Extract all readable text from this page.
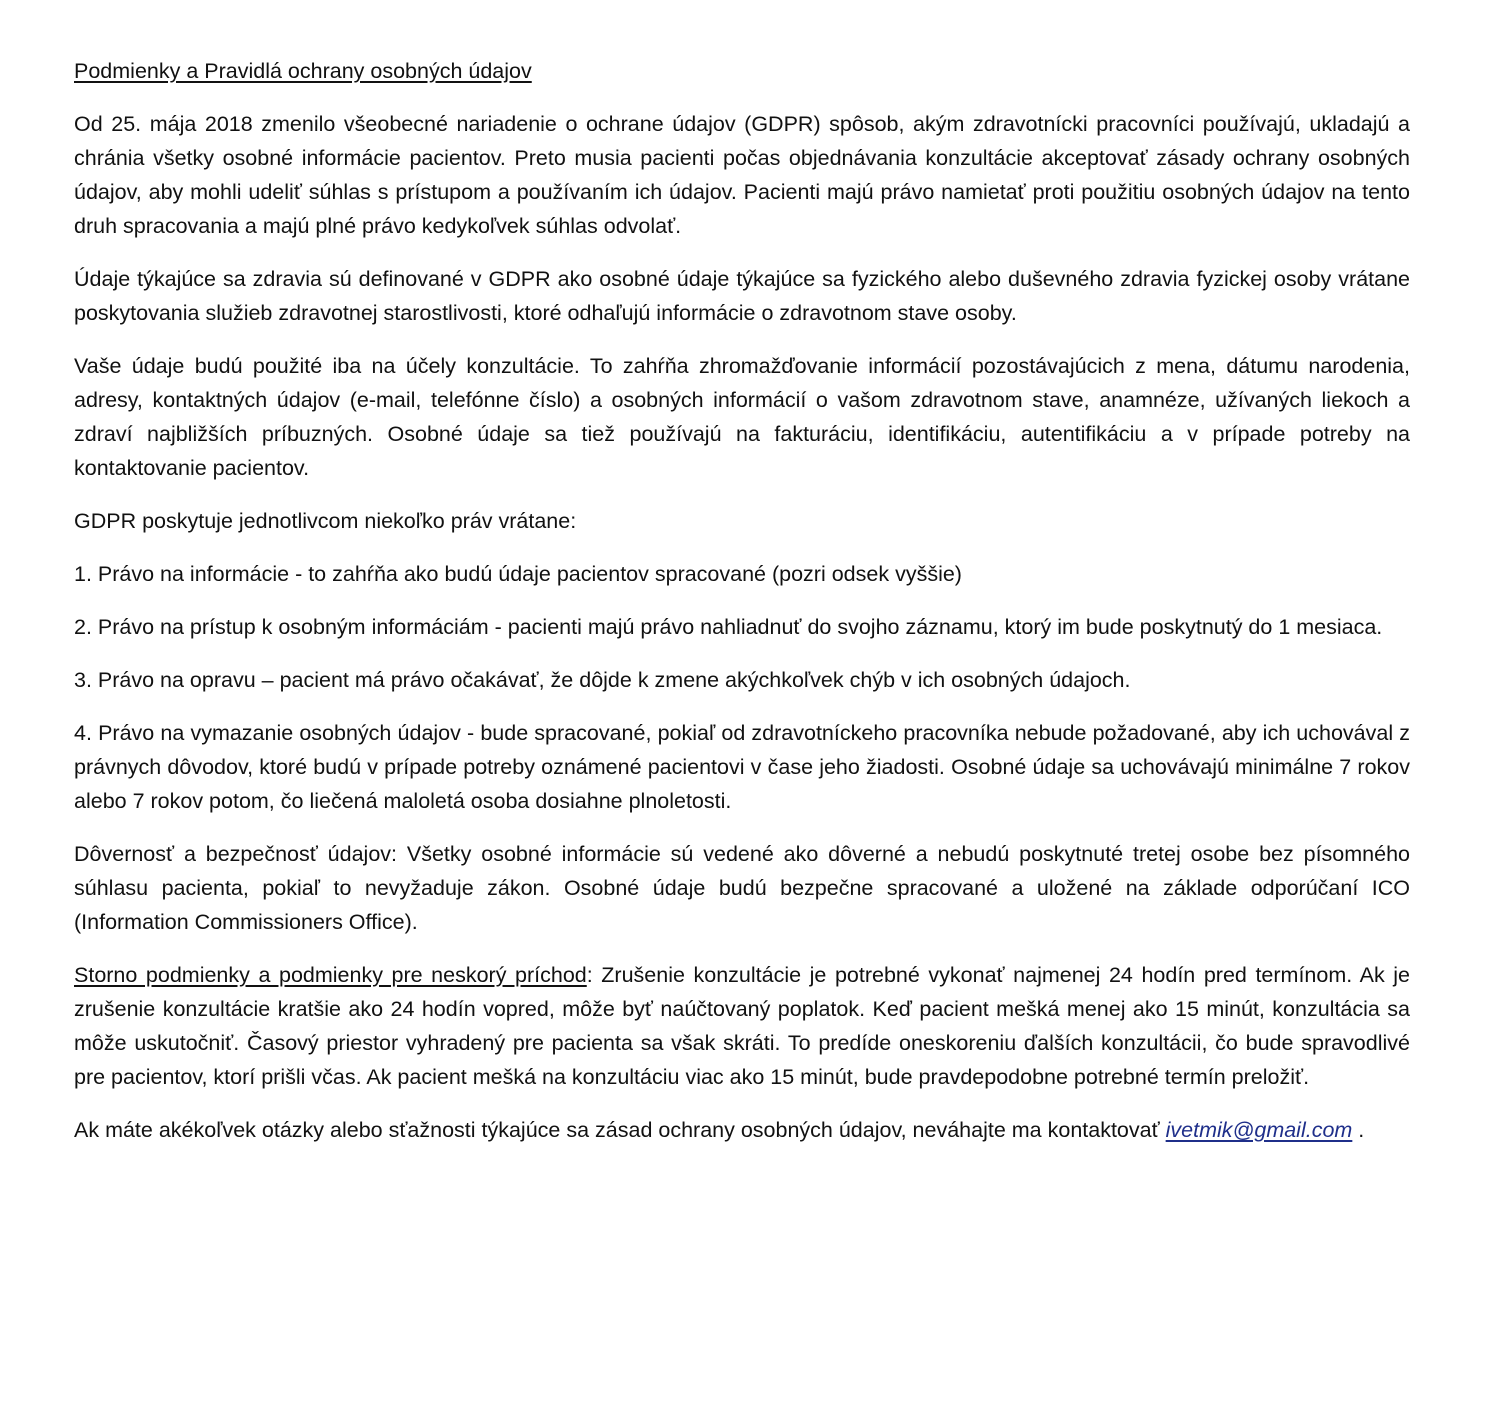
Podmienky a Pravidlá ochrany osobných údajov

Od 25. mája 2018 zmenilo všeobecné nariadenie o ochrane údajov (GDPR) spôsob, akým zdravotnícki pracovníci používajú, ukladajú a chránia všetky osobné informácie pacientov. Preto musia pacienti počas objednávania konzultácie akceptovať zásady ochrany osobných údajov, aby mohli udeliť súhlas s prístupom a používaním ich údajov. Pacienti majú právo namietať proti použitiu osobných údajov na tento druh spracovania a majú plné právo kedykoľvek súhlas odvolať.

Údaje týkajúce sa zdravia sú definované v GDPR ako osobné údaje týkajúce sa fyzického alebo duševného zdravia fyzickej osoby vrátane poskytovania služieb zdravotnej starostlivosti, ktoré odhaľujú informácie o zdravotnom stave osoby.

Vaše údaje budú použité iba na účely konzultácie. To zahŕňa zhromažďovanie informácií pozostávajúcich z mena, dátumu narodenia, adresy, kontaktných údajov (e-mail, telefónne číslo) a osobných informácií o vašom zdravotnom stave, anamnéze, užívaných liekoch a zdraví najbližších príbuzných. Osobné údaje sa tiež používajú na fakturáciu, identifikáciu, autentifikáciu a v prípade potreby na kontaktovanie pacientov.

GDPR poskytuje jednotlivcom niekoľko práv vrátane:

1. Právo na informácie - to zahŕňa ako budú údaje pacientov spracované (pozri odsek vyššie)

2. Právo na prístup k osobným informáciám - pacienti majú právo nahliadnuť do svojho záznamu, ktorý im bude poskytnutý do 1 mesiaca.

3. Právo na opravu – pacient má právo očakávať, že dôjde k zmene akýchkoľvek chýb v ich osobných údajoch.

4. Právo na vymazanie osobných údajov - bude spracované, pokiaľ od zdravotníckeho pracovníka nebude požadované, aby ich uchovával z právnych dôvodov, ktoré budú v prípade potreby oznámené pacientovi v čase jeho žiadosti. Osobné údaje sa uchovávajú minimálne 7 rokov alebo 7 rokov potom, čo liečená maloletá osoba dosiahne plnoletosti.

Dôvernosť a bezpečnosť údajov: Všetky osobné informácie sú vedené ako dôverné a nebudú poskytnuté tretej osobe bez písomného súhlasu pacienta, pokiaľ to nevyžaduje zákon. Osobné údaje budú bezpečne spracované a uložené na základe odporúčaní ICO (Information Commissioners Office).

Storno podmienky a podmienky pre neskorý príchod: Zrušenie konzultácie je potrebné vykonať najmenej 24 hodín pred termínom. Ak je zrušenie konzultácie kratšie ako 24 hodín vopred, môže byť naúčtovaný poplatok. Keď pacient mešká menej ako 15 minút, konzultácia sa môže uskutočniť. Časový priestor vyhradený pre pacienta sa však skráti. To predíde oneskoreniu ďalších konzultácii, čo bude spravodlivé pre pacientov, ktorí prišli včas. Ak pacient mešká na konzultáciu viac ako 15 minút, bude pravdepodobne potrebné termín preložiť.

Ak máte akékoľvek otázky alebo sťažnosti týkajúce sa zásad ochrany osobných údajov, neváhajte ma kontaktovať ivetmik@gmail.com .
